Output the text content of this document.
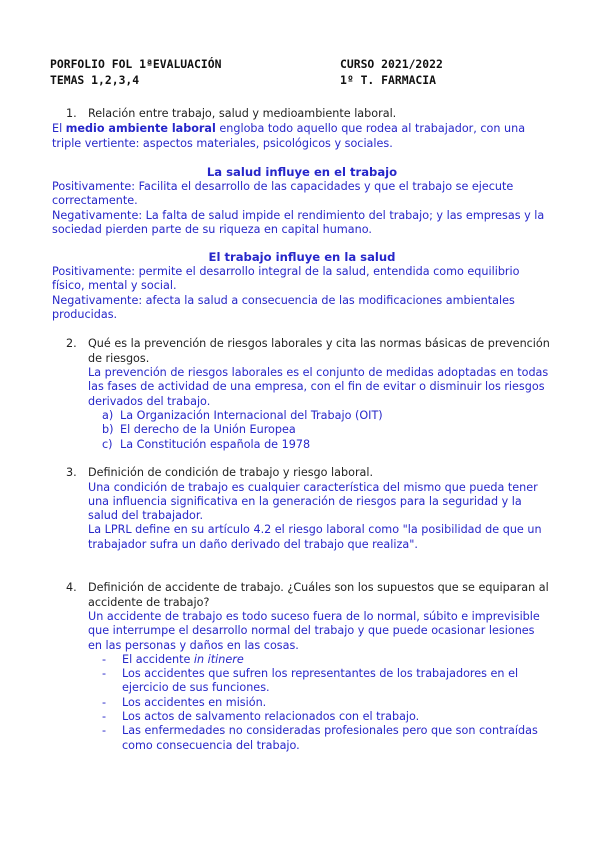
PORFOLIO FOL 1ªEVALUACIÓN	CURSO 2021/2022
TEMAS 1,2,3,4	1º T. FARMACIA
1.	Relación entre trabajo, salud y medioambiente laboral.
El medio ambiente laboral engloba todo aquello que rodea al trabajador, con una triple vertiente: aspectos materiales, psicológicos y sociales.
La salud influye en el trabajo
Positivamente: Facilita el desarrollo de las capacidades y que el trabajo se ejecute correctamente.
Negativamente: La falta de salud impide el rendimiento del trabajo; y las empresas y la sociedad pierden parte de su riqueza en capital humano.
El trabajo influye en la salud
Positivamente: permite el desarrollo integral de la salud, entendida como equilibrio físico, mental y social.
Negativamente: afecta la salud a consecuencia de las modificaciones ambientales producidas.
2.	Qué es la prevención de riesgos laborales y cita las normas básicas de prevención de riesgos.
La prevención de riesgos laborales es el conjunto de medidas adoptadas en todas las fases de actividad de una empresa, con el fin de evitar o disminuir los riesgos derivados del trabajo.
a) La Organización Internacional del Trabajo (OIT)
b) El derecho de la Unión Europea
c) La Constitución española de 1978
3.	Definición de condición de trabajo y riesgo laboral.
Una condición de trabajo es cualquier característica del mismo que pueda tener una influencia significativa en la generación de riesgos para la seguridad y la salud del trabajador.
La LPRL define en su artículo 4.2 el riesgo laboral como "la posibilidad de que un trabajador sufra un daño derivado del trabajo que realiza".
4.	Definición de accidente de trabajo. ¿Cuáles son los supuestos que se equiparan al accidente de trabajo?
Un accidente de trabajo es todo suceso fuera de lo normal, súbito e imprevisible que interrumpe el desarrollo normal del trabajo y que puede ocasionar lesiones en las personas y daños en las cosas.
- El accidente in itinere
- Los accidentes que sufren los representantes de los trabajadores en el ejercicio de sus funciones.
- Los accidentes en misión.
- Los actos de salvamento relacionados con el trabajo.
- Las enfermedades no consideradas profesionales pero que son contraídas como consecuencia del trabajo.
